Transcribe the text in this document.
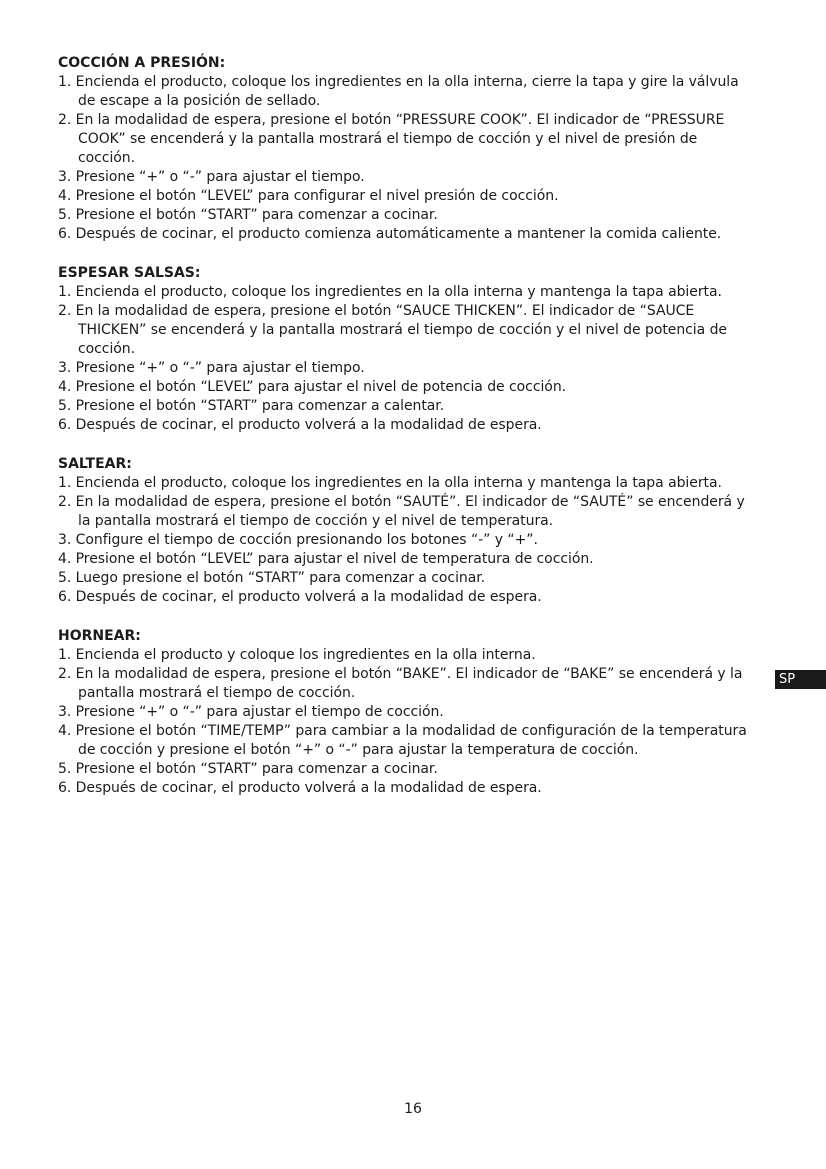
COCCIÓN A PRESIÓN:
1. Encienda el producto, coloque los ingredientes en la olla interna, cierre la tapa y gire la válvula de escape a la posición de sellado.
2. En la modalidad de espera, presione el botón “PRESSURE COOK”. El indicador de “PRESSURE COOK” se encenderá y la pantalla mostrará el tiempo de cocción y el nivel de presión de cocción.
3. Presione “+” o “-” para ajustar el tiempo.
4. Presione el botón “LEVEL” para configurar el nivel presión de cocción.
5. Presione el botón “START” para comenzar a cocinar.
6. Después de cocinar, el producto comienza automáticamente a mantener la comida caliente.
ESPESAR SALSAS:
1. Encienda el producto, coloque los ingredientes en la olla interna y mantenga la tapa abierta.
2. En la modalidad de espera, presione el botón “SAUCE THICKEN”. El indicador de “SAUCE THICKEN” se encenderá y la pantalla mostrará el tiempo de cocción y el nivel de potencia de cocción.
3. Presione “+” o “-” para ajustar el tiempo.
4. Presione el botón “LEVEL” para ajustar el nivel de potencia de cocción.
5. Presione el botón “START” para comenzar a calentar.
6. Después de cocinar, el producto volverá a la modalidad de espera.
SALTEAR:
1. Encienda el producto, coloque los ingredientes en la olla interna y mantenga la tapa abierta.
2. En la modalidad de espera, presione el botón “SAUTÉ”. El indicador de “SAUTÉ” se encenderá y la pantalla mostrará el tiempo de cocción y el nivel de temperatura.
3. Configure el tiempo de cocción presionando los botones “-” y “+”.
4. Presione el botón “LEVEL” para ajustar el nivel de temperatura de cocción.
5. Luego presione el botón “START” para comenzar a cocinar.
6. Después de cocinar, el producto volverá a la modalidad de espera.
HORNEAR:
1. Encienda el producto y coloque los ingredientes en la olla interna.
2. En la modalidad de espera, presione el botón “BAKE”. El indicador de “BAKE” se encenderá y la pantalla mostrará el tiempo de cocción.
3. Presione “+” o “-” para ajustar el tiempo de cocción.
4. Presione el botón “TIME/TEMP” para cambiar a la modalidad de configuración de la temperatura de cocción y presione el botón “+” o “-” para ajustar la temperatura de cocción.
5. Presione el botón “START” para comenzar a cocinar.
6. Después de cocinar, el producto volverá a la modalidad de espera.
SP
16
